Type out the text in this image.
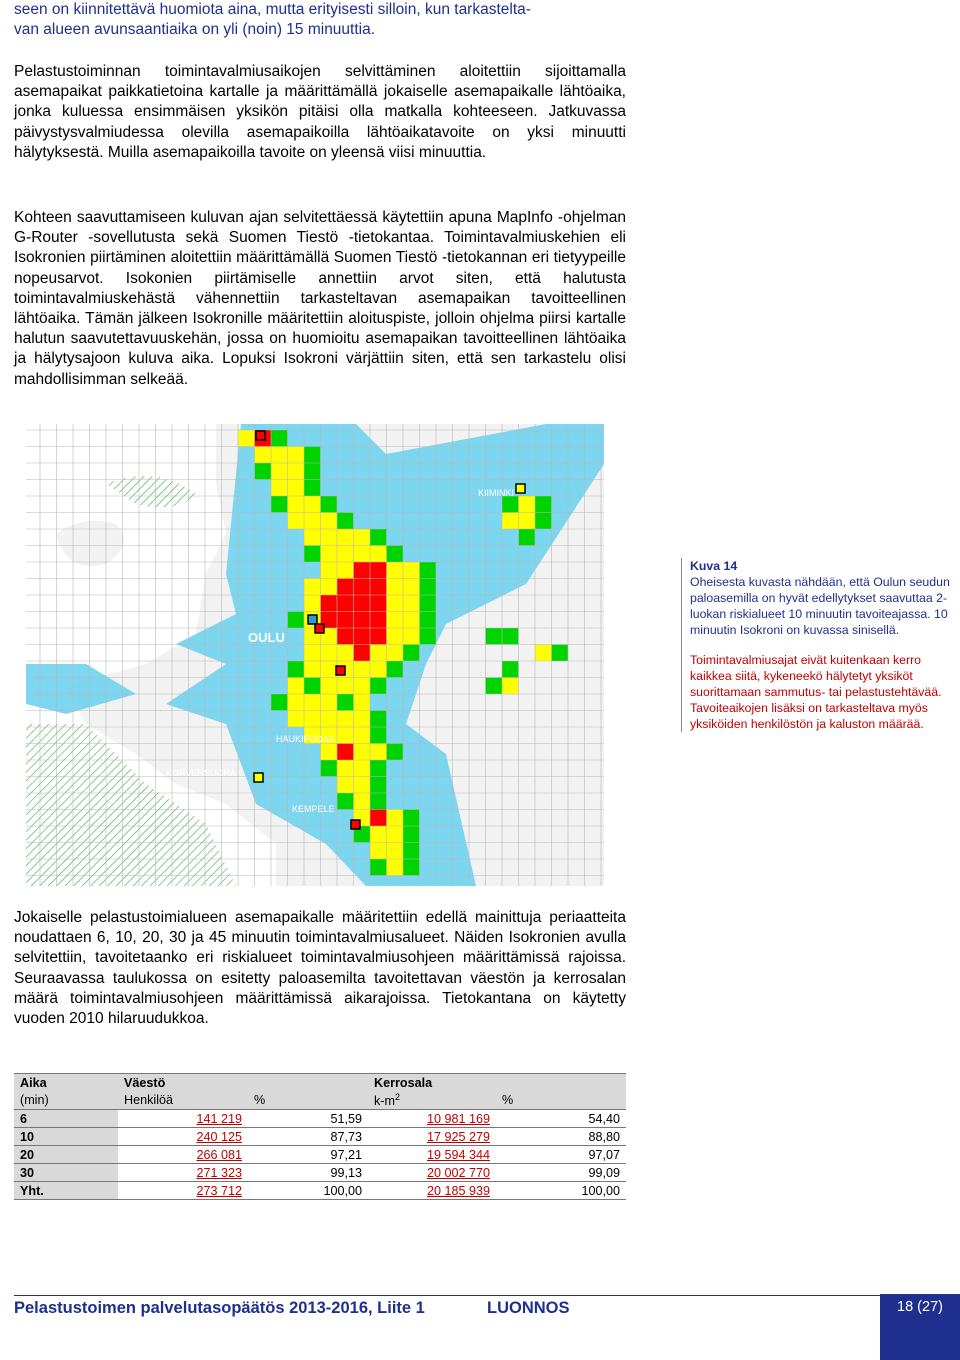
seen on kiinnitettävä huomiota aina, mutta erityisesti silloin, kun tarkastelta-
van alueen avunsaantiaika on yli (noin) 15 minuuttia.

Pelastustoiminnan toimintavalmiusaikojen selvittäminen aloitettiin sijoittamalla asemapaikat paikkatietoina kartalle ja määrittämällä jokaiselle asemapaikalle lähtöaika, jonka kuluessa ensimmäisen yksikön pitäisi olla matkalla kohteeseen. Jatkuvassa päivystysvalmiudessa olevilla asemapaikoilla lähtöaikatavoite on yksi minuutti hälytyksestä. Muilla asemapaikoilla tavoite on yleensä viisi minuuttia.

Kohteen saavuttamiseen kuluvan ajan selvitettäessä käytettiin apuna MapInfo -ohjelman G-Router -sovellutusta sekä Suomen Tiestö -tietokantaa. Toimintavalmiuskehien eli Isokronien piirtäminen aloitettiin määrittämällä Suomen Tiestö -tietokannan eri tietyypeille nopeusarvot. Isokonien piirtämiselle annettiin arvot siten, että halutusta toimintavalmiuskehästä vähennettiin tarkasteltavan asemapaikan tavoitteellinen lähtöaika. Tämän jälkeen Isokronille määritettiin aloituspiste, jolloin ohjelma piirsi kartalle halutun saavutettavuuskehän, jossa on huomioitu asemapaikan tavoitteellinen lähtöaika ja hälytysajoon kuluva aika. Lopuksi Isokroni värjättiin siten, että sen tarkastelu olisi mahdollisimman selkeää.

OULU
KIIMINKI
HAUKIPUDAS
KEMPELE
KORVENSUORA
Kuva 14
Oheisesta kuvasta nähdään, että Oulun seudun paloasemilla on hyvät edellytykset saavuttaa 2-luokan riskialueet 10 minuutin tavoiteajassa. 10 minuutin Isokroni on kuvassa sinisellä.
Toimintavalmiusajat eivät kuitenkaan kerro kaikkea siitä, kykeneekö hälytetyt yksiköt suorittamaan sammutus- tai pelastustehtävää. Tavoiteaikojen lisäksi on tarkasteltava myös yksiköiden henkilöstön ja kaluston määrää.

Jokaiselle pelastustoimialueen asemapaikalle määritettiin edellä mainittuja periaatteita noudattaen 6, 10, 20, 30 ja 45 minuutin toimintavalmiusalueet. Näiden Isokronien avulla selvitettiin, tavoitetaanko eri riskialueet toimintavalmiusohjeen määrittämissä rajoissa. Seuraavassa taulukossa on esitetty paloasemilta tavoitettavan väestön ja kerrosalan määrä toimintavalmiusohjeen määrittämissä aikarajoissa. Tietokantana on käytetty vuoden 2010 hilaruudukkoa.

Aika	Väestö		Kerrosala	
(min)	Henkilöä	%	$k-m^2$	%
6	141 219	51,59	10 981 169	54,40
10	240 125	87,73	17 925 279	88,80
20	266 081	97,21	19 594 344	97,07
30	271 323	99,13	20 002 770	99,09
Yht.	273 712	100,00	20 185 939	100,00
Pelastustoimen palvelutasopäätös 2013-2016, Liite 1	LUONNOS	18 (27)
